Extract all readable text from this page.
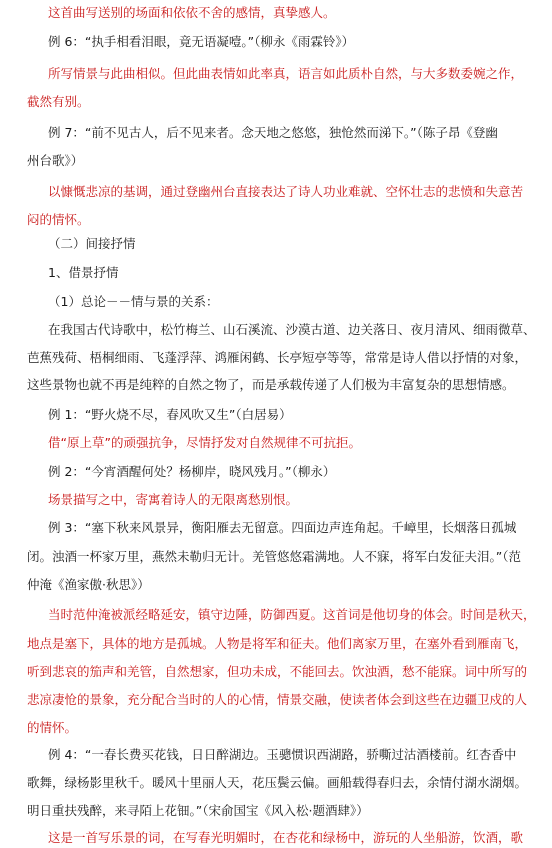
这首曲写送别的场面和依依不舍的感情，真挚感人。
例 6：“执手相看泪眼，竟无语凝噎。”（柳永《雨霖铃》）
所写情景与此曲相似。但此曲表情如此率真，语言如此质朴自然，与大多数委婉之作，
截然有别。
例 7：“前不见古人，后不见来者。念天地之悠悠，独怆然而涕下。”（陈子昂《登幽
州台歌》）
以慷慨悲凉的基调，通过登幽州台直接表达了诗人功业难就、空怀壮志的悲愤和失意苦
闷的情怀。
（二）间接抒情
1、借景抒情
（1）总论－－情与景的关系：
在我国古代诗歌中，松竹梅兰、山石溪流、沙漠古道、边关落日、夜月清风、细雨微草、
芭蕉残荷、梧桐细雨、飞蓬浮萍、鸿雁闲鹤、长亭短亭等等，常常是诗人借以抒情的对象，
这些景物也就不再是纯粹的自然之物了，而是承载传递了人们极为丰富复杂的思想情感。
例 1：“野火烧不尽，春风吹又生”（白居易）
借“原上草”的顽强抗争，尽情抒发对自然规律不可抗拒。
例 2：“今宵酒醒何处？杨柳岸，晓风残月。”（柳永）
场景描写之中，寄寓着诗人的无限离愁别恨。
例 3：“塞下秋来风景异，衡阳雁去无留意。四面边声连角起。千嶂里，长烟落日孤城
闭。浊酒一杯家万里，燕然未勒归无计。羌管悠悠霜满地。人不寐，将军白发征夫泪。”（范
仲淹《渔家傲·秋思》）
当时范仲淹被派经略延安，镇守边陲，防御西夏。这首词是他切身的体会。时间是秋天，
地点是塞下，具体的地方是孤城。人物是将军和征夫。他们离家万里，在塞外看到雁南飞，
听到悲哀的笳声和羌管，自然想家，但功未成，不能回去。饮浊酒，愁不能寐。词中所写的
悲凉凄怆的景象，充分配合当时的人的心情，情景交融，使读者体会到这些在边疆卫戍的人
的情怀。
例 4：“一春长费买花钱，日日醉湖边。玉骢惯识西湖路，骄嘶过沽酒楼前。红杏香中
歌舞，绿杨影里秋千。暖风十里丽人天，花压鬓云偏。画船载得春归去，余情付湖水湖烟。
明日重扶残醉，来寻陌上花钿。”（宋俞国宝《风入松·题酒肆》）
这是一首写乐景的词，在写春光明媚时，在杏花和绿杨中，游玩的人坐船游，饮酒，歌
